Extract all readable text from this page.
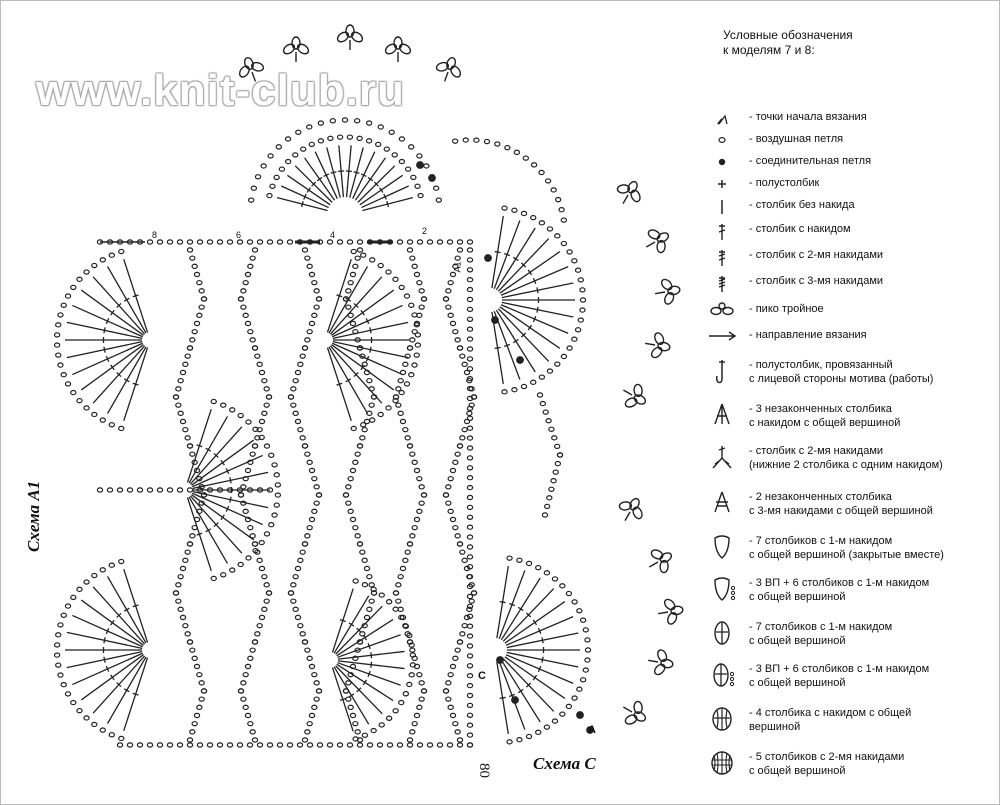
www.knit-club.ru
8	6	4	2
A1
C
A
Схема А1
Схема С
80
Условные обозначения
к моделям 7 и 8:
- точки начала вязания
- воздушная петля
- соединительная петля
- полустолбик
- столбик без накида
- столбик с накидом
- столбик с 2-мя накидами
- столбик с 3-мя накидами
- пико тройное
- направление вязания
- полустолбик, провязанный
с лицевой стороны мотива (работы)
- 3 незаконченных столбика
с накидом с общей вершиной
- столбик с 2-мя накидами
(нижние 2 столбика с одним накидом)
- 2 незаконченных столбика
с 3-мя накидами с общей вершиной
- 7 столбиков с 1-м накидом
с общей вершиной (закрытые вместе)
- 3 ВП + 6 столбиков с 1-м накидом
с общей вершиной
- 7 столбиков с 1-м накидом
с общей вершиной
- 3 ВП + 6 столбиков с 1-м накидом
с общей вершиной
- 4 столбика с накидом с общей
вершиной
- 5 столбиков с 2-мя накидами
с общей вершиной
